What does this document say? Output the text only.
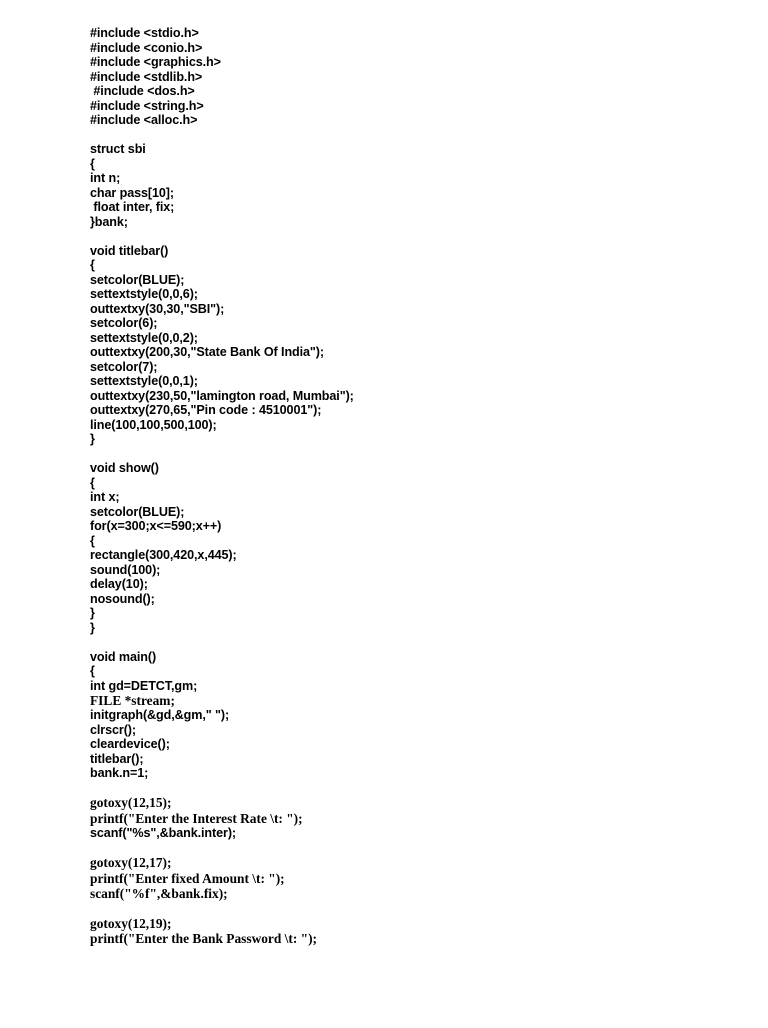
#include <stdio.h>
#include <conio.h>
#include <graphics.h>
#include <stdlib.h>
#include <dos.h>
#include <string.h>
#include <alloc.h>
struct sbi
{
int n;
char pass[10];
float inter, fix;
}bank;
void titlebar()
{
setcolor(BLUE);
settextstyle(0,0,6);
outtextxy(30,30,"SBI");
setcolor(6);
settextstyle(0,0,2);
outtextxy(200,30,"State Bank Of India");
setcolor(7);
settextstyle(0,0,1);
outtextxy(230,50,"lamington road, Mumbai");
outtextxy(270,65,"Pin code : 4510001");
line(100,100,500,100);
}
void show()
{
int x;
setcolor(BLUE);
for(x=300;x<=590;x++)
{
rectangle(300,420,x,445);
sound(100);
delay(10);
nosound();
}
}
void main()
{
int gd=DETCT,gm;
FILE *stream;
initgraph(&gd,&gm," ");
clrscr();
cleardevice();
titlebar();
bank.n=1;
gotoxy(12,15);
printf("Enter the Interest Rate \t: ");
scanf("%s",&bank.inter);
gotoxy(12,17);
printf("Enter fixed Amount \t: ");
scanf("%f",&bank.fix);
gotoxy(12,19);
printf("Enter the Bank Password \t: ");
